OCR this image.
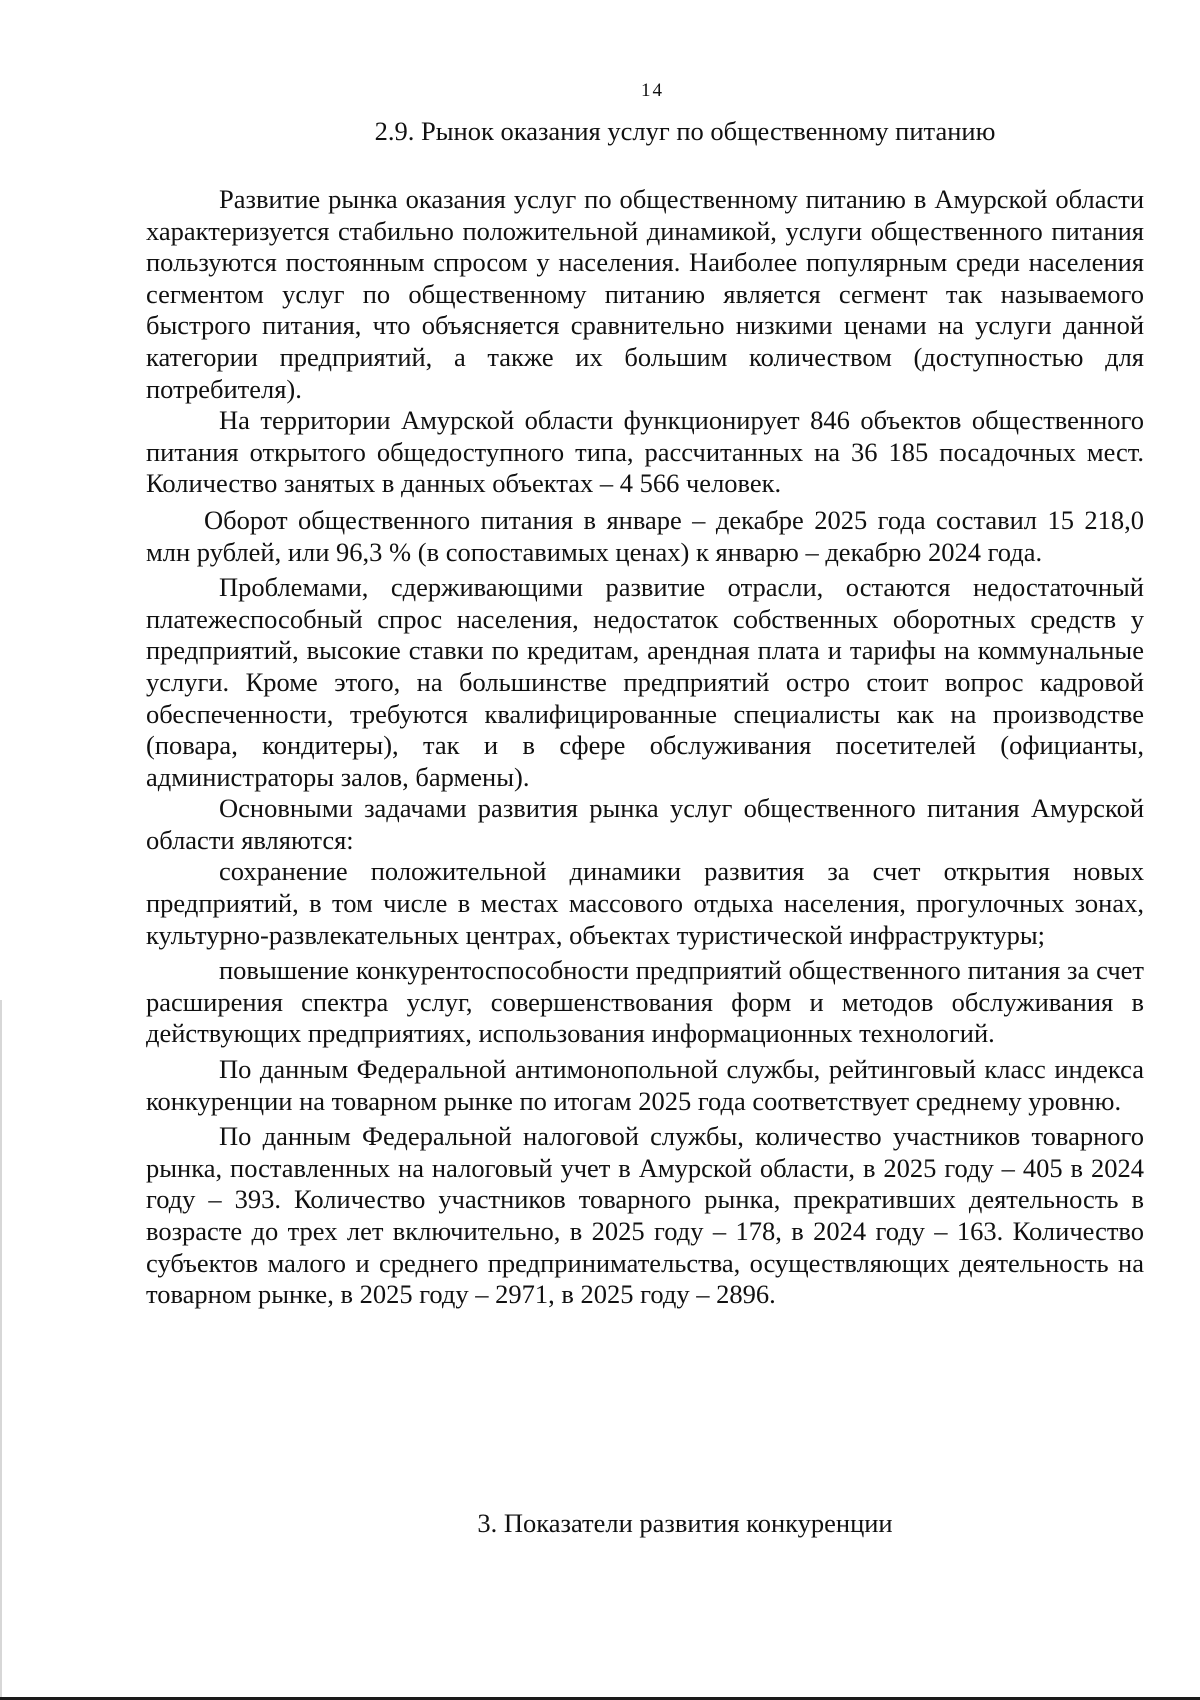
14
2.9. Рынок оказания услуг по общественному питанию

Развитие рынка оказания услуг по общественному питанию в Амурской области характеризуется стабильно положительной динамикой, услуги общественного питания пользуются постоянным спросом у населения. Наиболее популярным среди населения сегментом услуг по общественному питанию является сегмент так называемого быстрого питания, что объясняется сравнительно низкими ценами на услуги данной категории предприятий, а также их большим количеством (доступностью для потребителя).

На территории Амурской области функционирует 846 объектов общественного питания открытого общедоступного типа, рассчитанных на 36 185 посадочных мест. Количество занятых в данных объектах – 4 566 человек.

Оборот общественного питания в январе – декабре 2025 года составил 15 218,0 млн рублей, или 96,3 % (в сопоставимых ценах) к январю – декабрю 2024 года.

Проблемами, сдерживающими развитие отрасли, остаются недостаточный платежеспособный спрос населения, недостаток собственных оборотных средств у предприятий, высокие ставки по кредитам, арендная плата и тарифы на коммунальные услуги. Кроме этого, на большинстве предприятий остро стоит вопрос кадровой обеспеченности, требуются квалифицированные специалисты как на производстве (повара, кондитеры), так и в сфере обслуживания посетителей (официанты, администраторы залов, бармены).

Основными задачами развития рынка услуг общественного питания Амурской области являются:

сохранение положительной динамики развития за счет открытия новых предприятий, в том числе в местах массового отдыха населения, прогулочных зонах, культурно-развлекательных центрах, объектах туристической инфраструктуры;

повышение конкурентоспособности предприятий общественного питания за счет расширения спектра услуг, совершенствования форм и методов обслуживания в действующих предприятиях, использования информационных технологий.

По данным Федеральной антимонопольной службы, рейтинговый класс индекса конкуренции на товарном рынке по итогам 2025 года соответствует среднему уровню.

По данным Федеральной налоговой службы, количество участников товарного рынка, поставленных на налоговый учет в Амурской области, в 2025 году – 405 в 2024 году – 393. Количество участников товарного рынка, прекративших деятельность в возрасте до трех лет включительно, в 2025 году – 178, в 2024 году – 163. Количество субъектов малого и среднего предпринимательства, осуществляющих деятельность на товарном рынке, в 2025 году – 2971, в 2025 году – 2896.

3. Показатели развития конкуренции
